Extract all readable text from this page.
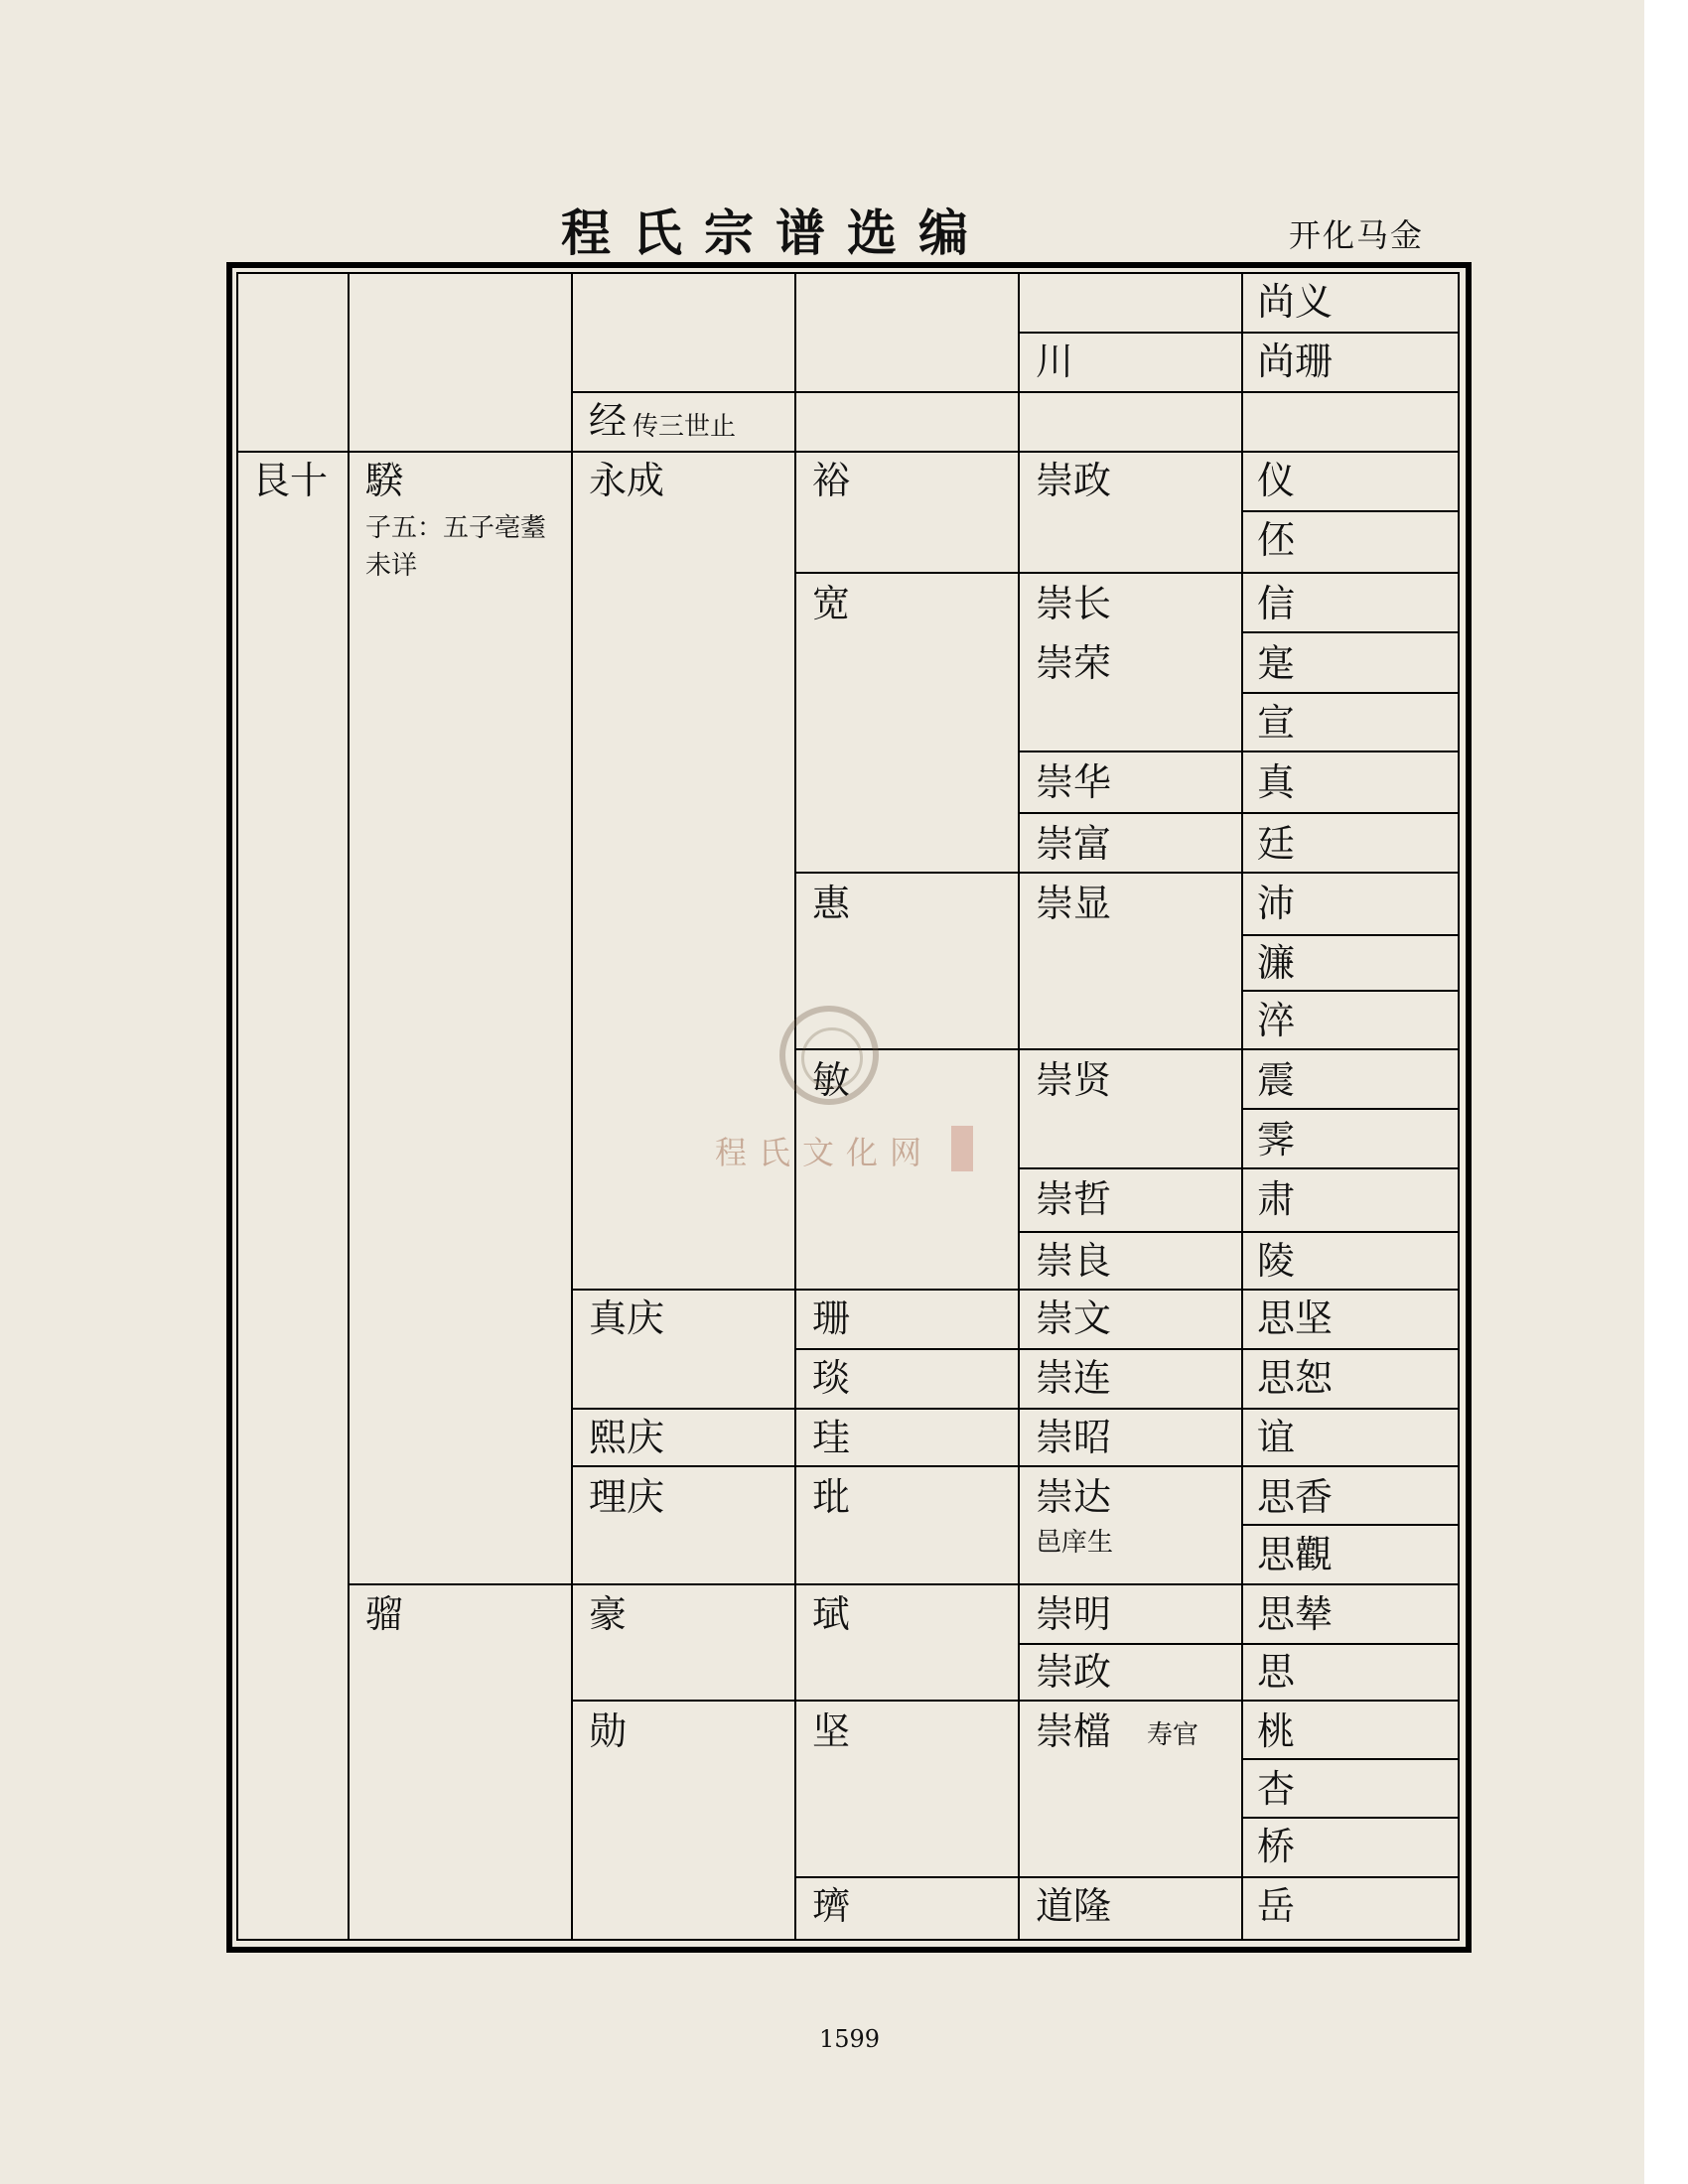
程氏宗谱选编	开化马金
尚义
川	尚珊
经 传三世止
艮十 騤
子五：五子亳耋
未详
骝
永成
真庆
熙庆
理庆
豪
勋
裕
宽
惠
敏
珊
琰
珪
玭
珷
坚
璾
崇政
崇长
崇荣
崇华
崇富
崇显
崇贤
崇哲
崇良
崇文
崇连
崇昭
崇达
邑庠生
崇明
崇政
崇檔 寿官
道隆
仪
伾
信
寔
宣
真
廷
沛
濂
淬
震
霁
肃
陵
思坚
思恕
谊
思香
思觀
思辇
思
桃
杏
桥
岳
程氏文化网
1599
